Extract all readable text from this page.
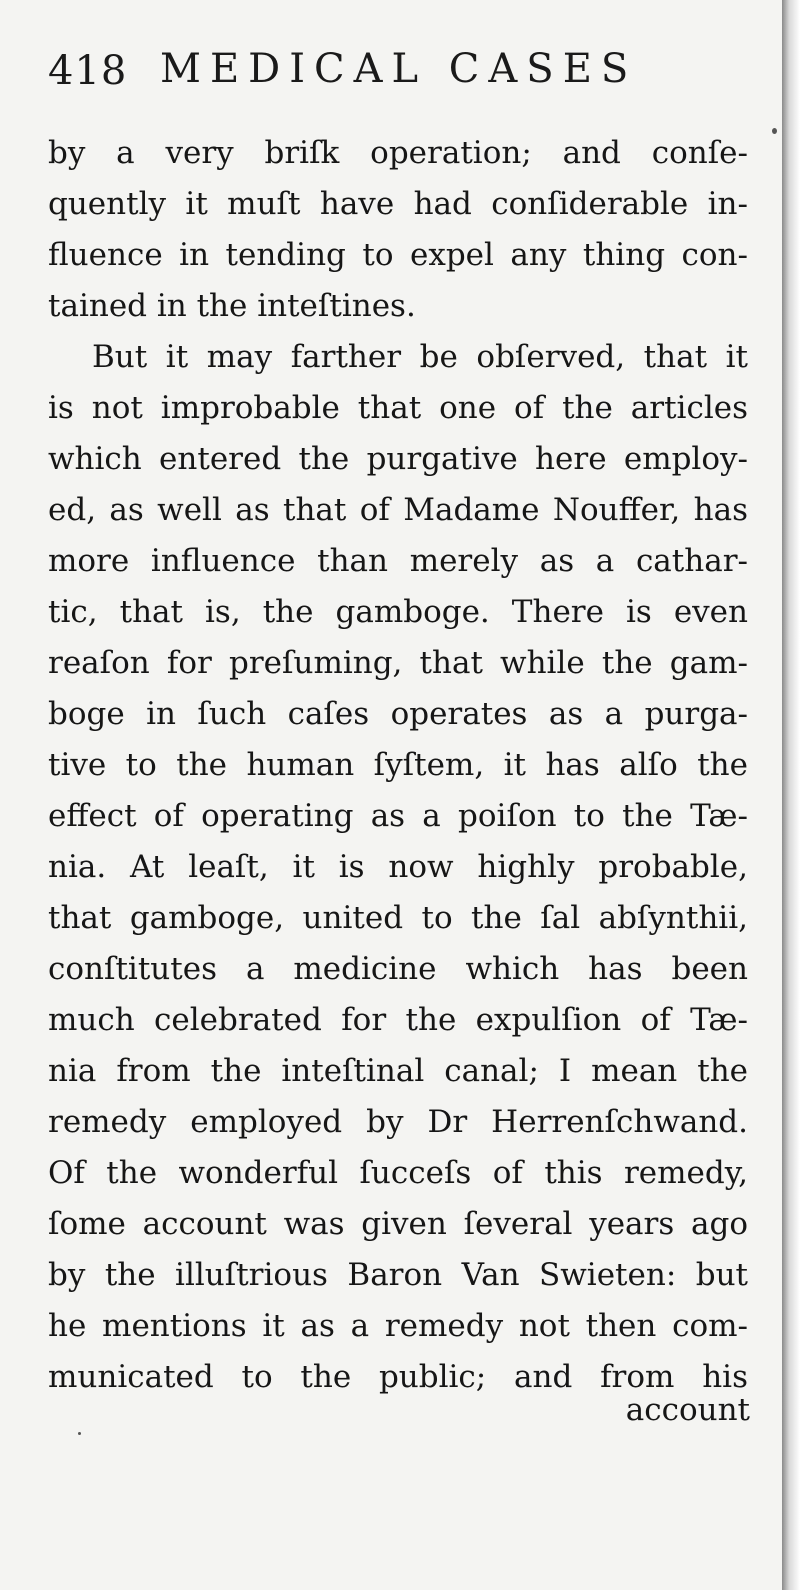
418 MEDICAL CASES
by a very briſk operation; and conſe-
quently it muſt have had conſiderable in-
fluence in tending to expel any thing con-
tained in the inteſtines.
But it may farther be obſerved, that it
is not improbable that one of the articles
which entered the purgative here employ-
ed, as well as that of Madame Nouffer, has
more influence than merely as a cathar-
tic, that is, the gamboge. There is even
reaſon for preſuming, that while the gam-
boge in ſuch caſes operates as a purga-
tive to the human ſyſtem, it has alſo the
effect of operating as a poiſon to the Tæ-
nia. At leaſt, it is now highly probable,
that gamboge, united to the ſal abſynthii,
conſtitutes a medicine which has been
much celebrated for the expulſion of Tæ-
nia from the inteſtinal canal; I mean the
remedy employed by Dr Herrenſchwand.
Of the wonderful ſucceſs of this remedy,
ſome account was given ſeveral years ago
by the illuſtrious Baron Van Swieten: but
he mentions it as a remedy not then com-
municated to the public; and from his
account
